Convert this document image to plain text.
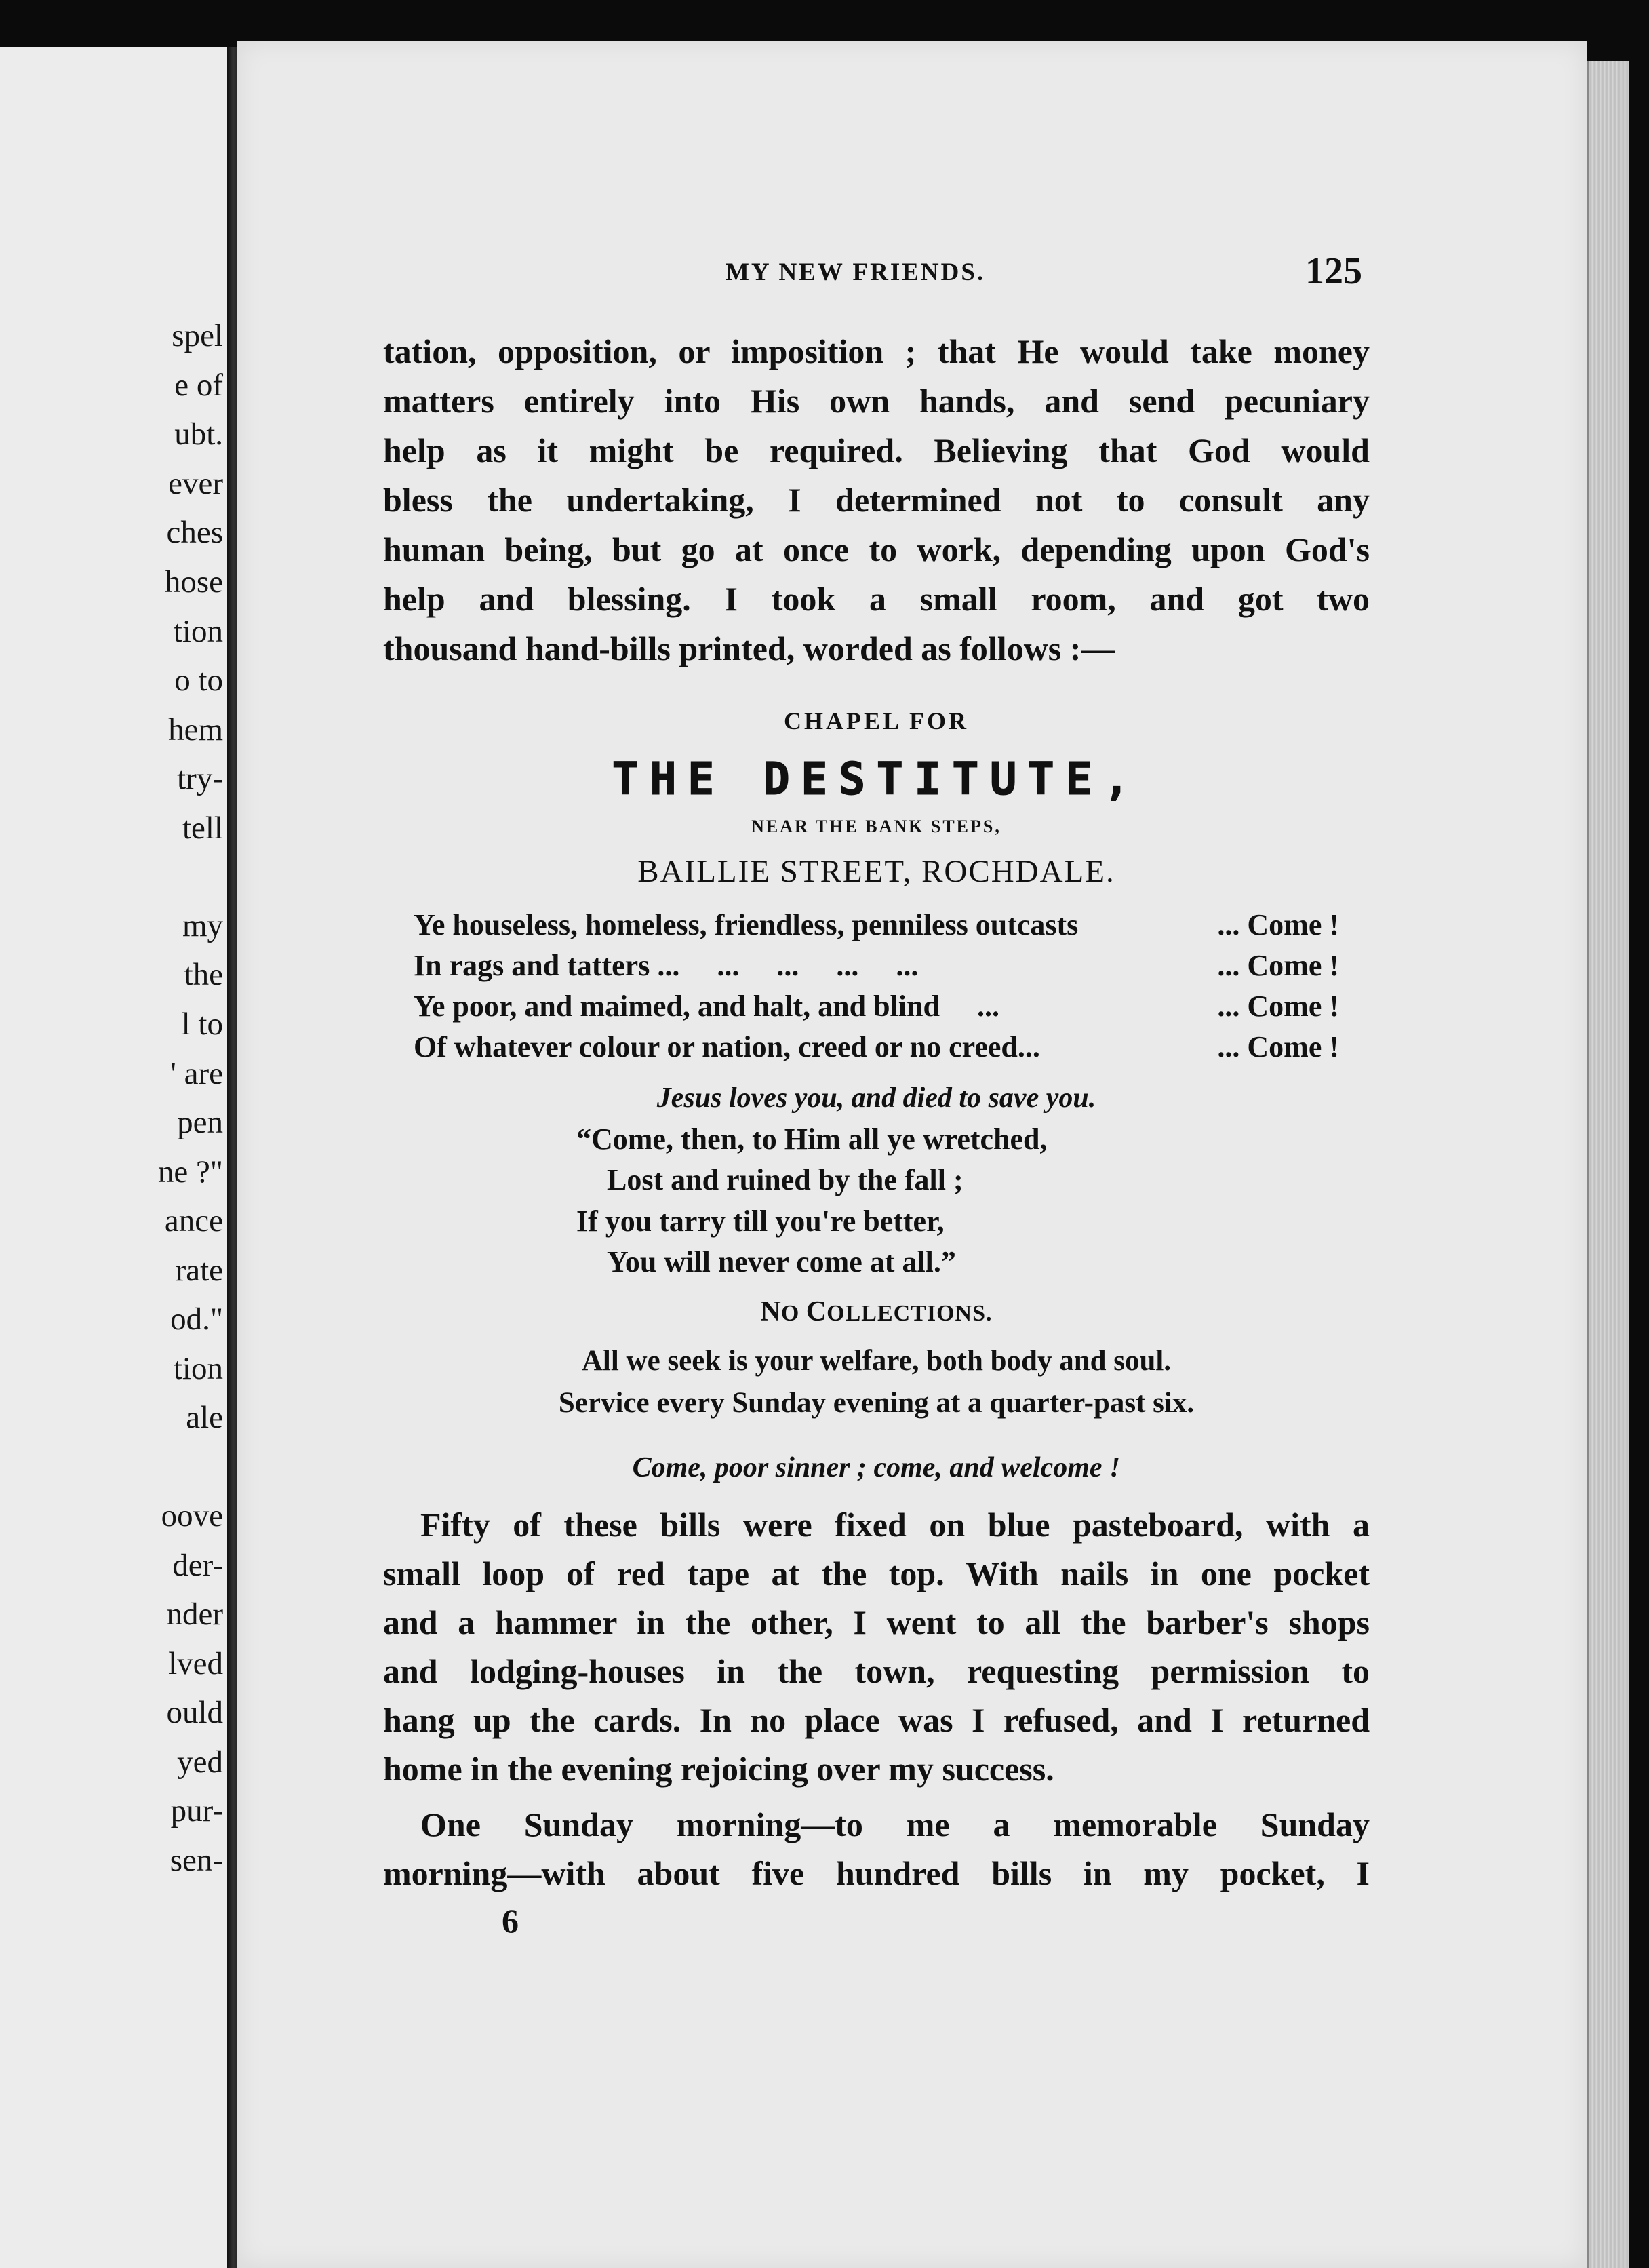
spel
e of
ubt.
ever
ches
hose
tion
o to
hem
try-
tell
my
the
l to
' are
pen
ne ?"
ance
rate
od."
tion
ale
oove
der-
nder
lved
ould
yed
pur-
sen-
MY NEW FRIENDS.	125
tation, opposition, or imposition ; that He would take money
matters entirely into His own hands, and send pecuniary
help as it might be required. Believing that God would
bless the undertaking, I determined not to consult any
human being, but go at once to work, depending upon God's
help and blessing. I took a small room, and got two
thousand hand-bills printed, worded as follows :—
CHAPEL FOR
THE DESTITUTE,
NEAR THE BANK STEPS,
BAILLIE STREET, ROCHDALE.
Ye houseless, homeless, friendless, penniless outcasts	... Come !
In rags and tatters ...     ...     ...     ...     ...	... Come !
Ye poor, and maimed, and halt, and blind     ...	... Come !
Of whatever colour or nation, creed or no creed...	... Come !
Jesus loves you, and died to save you.
“Come, then, to Him all ye wretched,
Lost and ruined by the fall ;
If you tarry till you're better,
You will never come at all.”
NO COLLECTIONS.
All we seek is your welfare, both body and soul.
Service every Sunday evening at a quarter-past six.
Come, poor sinner ; come, and welcome !
Fifty of these bills were fixed on blue pasteboard, with a
small loop of red tape at the top. With nails in one pocket
and a hammer in the other, I went to all the barber's shops
and lodging-houses in the town, requesting permission to
hang up the cards. In no place was I refused, and I returned
home in the evening rejoicing over my success.
One Sunday morning—to me a memorable Sunday
morning—with about five hundred bills in my pocket, I
6
